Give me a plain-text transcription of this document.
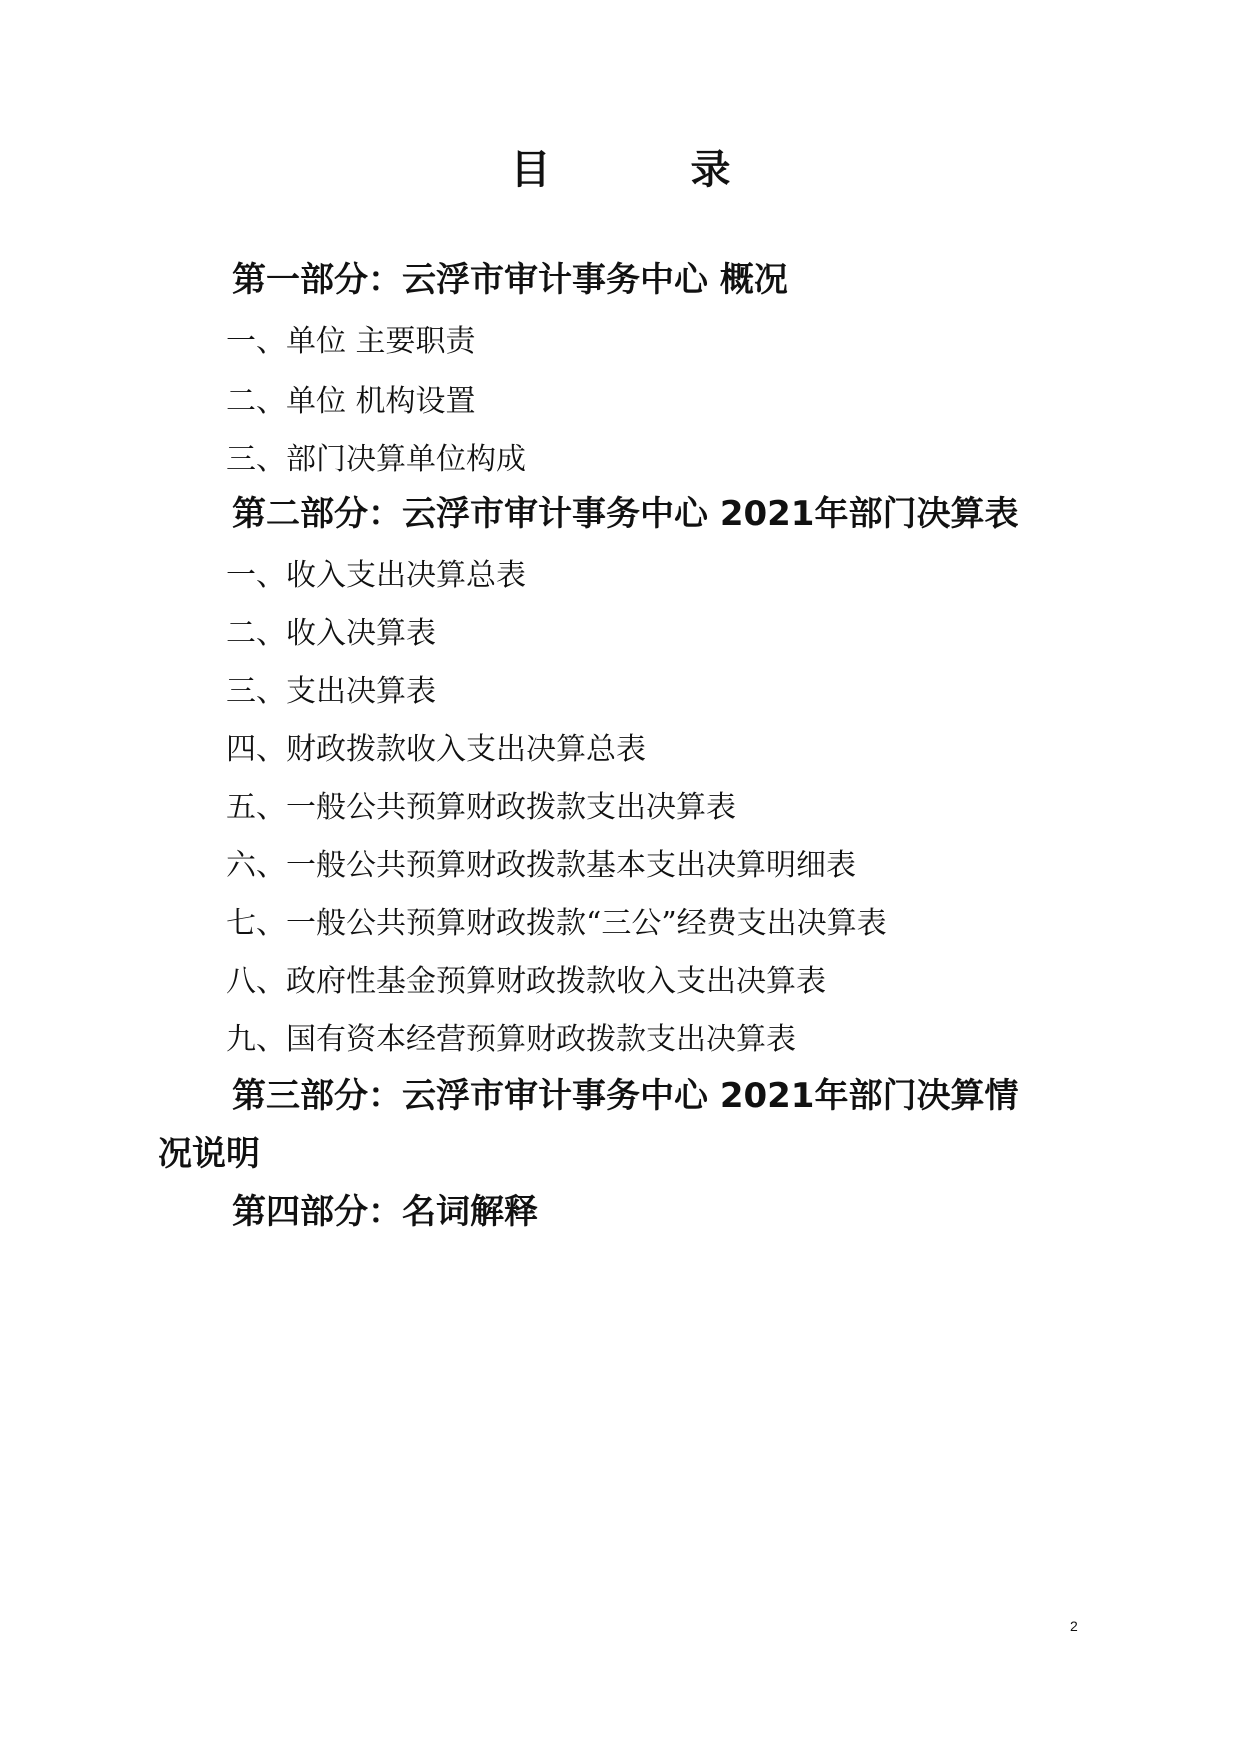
目	录
第一部分：云浮市审计事务中心 概况
一、单位 主要职责
二、单位 机构设置
三、部门决算单位构成
第二部分：云浮市审计事务中心 2021年部门决算表
一、收入支出决算总表
二、收入决算表
三、支出决算表
四、财政拨款收入支出决算总表
五、一般公共预算财政拨款支出决算表
六、一般公共预算财政拨款基本支出决算明细表
七、一般公共预算财政拨款“三公”经费支出决算表
八、政府性基金预算财政拨款收入支出决算表
九、国有资本经营预算财政拨款支出决算表
第三部分：云浮市审计事务中心 2021年部门决算情
况说明
第四部分：名词解释
2
